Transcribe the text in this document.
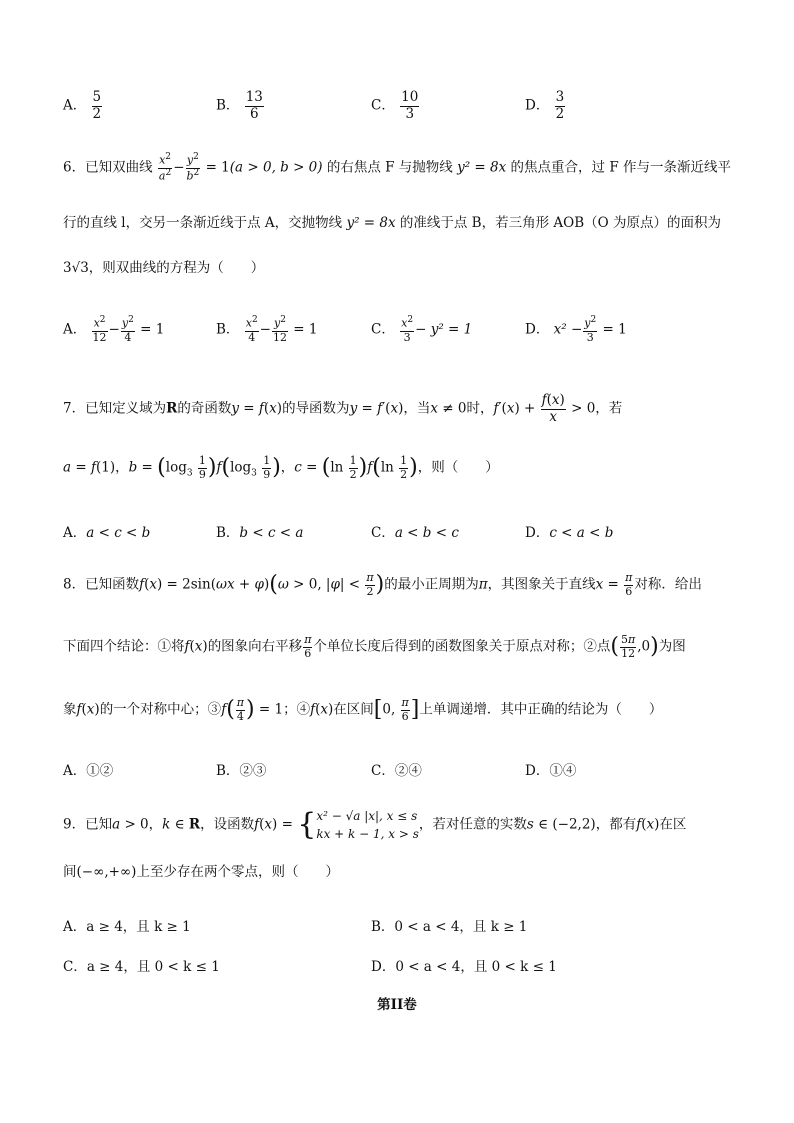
A． $\frac{5}{2}$	B． $\frac{13}{6}$	C． $\frac{10}{3}$	D． $\frac{3}{2}$
6．已知双曲线 $\frac{x^2}{a^2} - \frac{y^2}{b^2} = 1(a > 0$, b > 0) 的右焦点 F 与抛物线 y² = 8x 的焦点重合，过 F 作与一条渐近线平
行的直线 l，交另一条渐近线于点 A，交抛物线 y² = 8x 的准线于点 B，若三角形 AOB（O 为原点）的面积为
3√3，则双曲线的方程为（　　）
A． $\frac{x^2}{12} - \frac{y^2}{4} = 1$	B． $\frac{x^2}{4} - \frac{y^2}{12} = 1$	C． $\frac{x^2}{3} - y^2 = 1$	D． $x^2 - \frac{y^2}{3} = 1$
7．已知定义域为R的奇函数y = f(x)的导函数为y = f′(x)，当x ≠ 0时，$f'(x) + \frac{f(x)}{x} > 0$，若
a = f(1)，$b = (\log_3 \frac{1}{9} )f(\log_3 \frac{1}{9}$ )，$c = (\ln \frac{1}{2} )f(\ln \frac{1}{2}$ )，则（　　）
A．a < c < b	B．b < c < a	C．a < b < c	D．c < a < b
8．已知函数f(x) = 2sin(ωx + φ)(ω > 0, $|\varphi| < \frac{\pi}{2}$ )的最小正周期为π，其图象关于直线$x = \frac{\pi}{6}$ 对称．给出
下面四个结论：①将f(x)的图象向右平移 $\frac{\pi}{6}$ 个单位长度后得到的函数图象关于原点对称；②点( $\frac{5\pi}{12} ,0$)为图
象f(x)的一个对称中心；③f( $\frac{\pi}{4}$ ) = 1；④f(x)在区间[0, $\frac{\pi}{6}$ ]上单调递增．其中正确的结论为（　　）
A．①②	B．②③	C．②④	D．①④
9．已知a > 0，k ∈ R，设函数f(x) = {x² − √a |x|, x ≤ s
kx + k − 1, x > s，若对任意的实数s ∈ (−2,2)，都有f(x)在区
间(−∞,+∞)上至少存在两个零点，则（　　）
A．a ≥ 4，且 k ≥ 1	B．0 < a < 4，且 k ≥ 1
C．a ≥ 4，且 0 < k ≤ 1	D．0 < a < 4，且 0 < k ≤ 1
第II卷
